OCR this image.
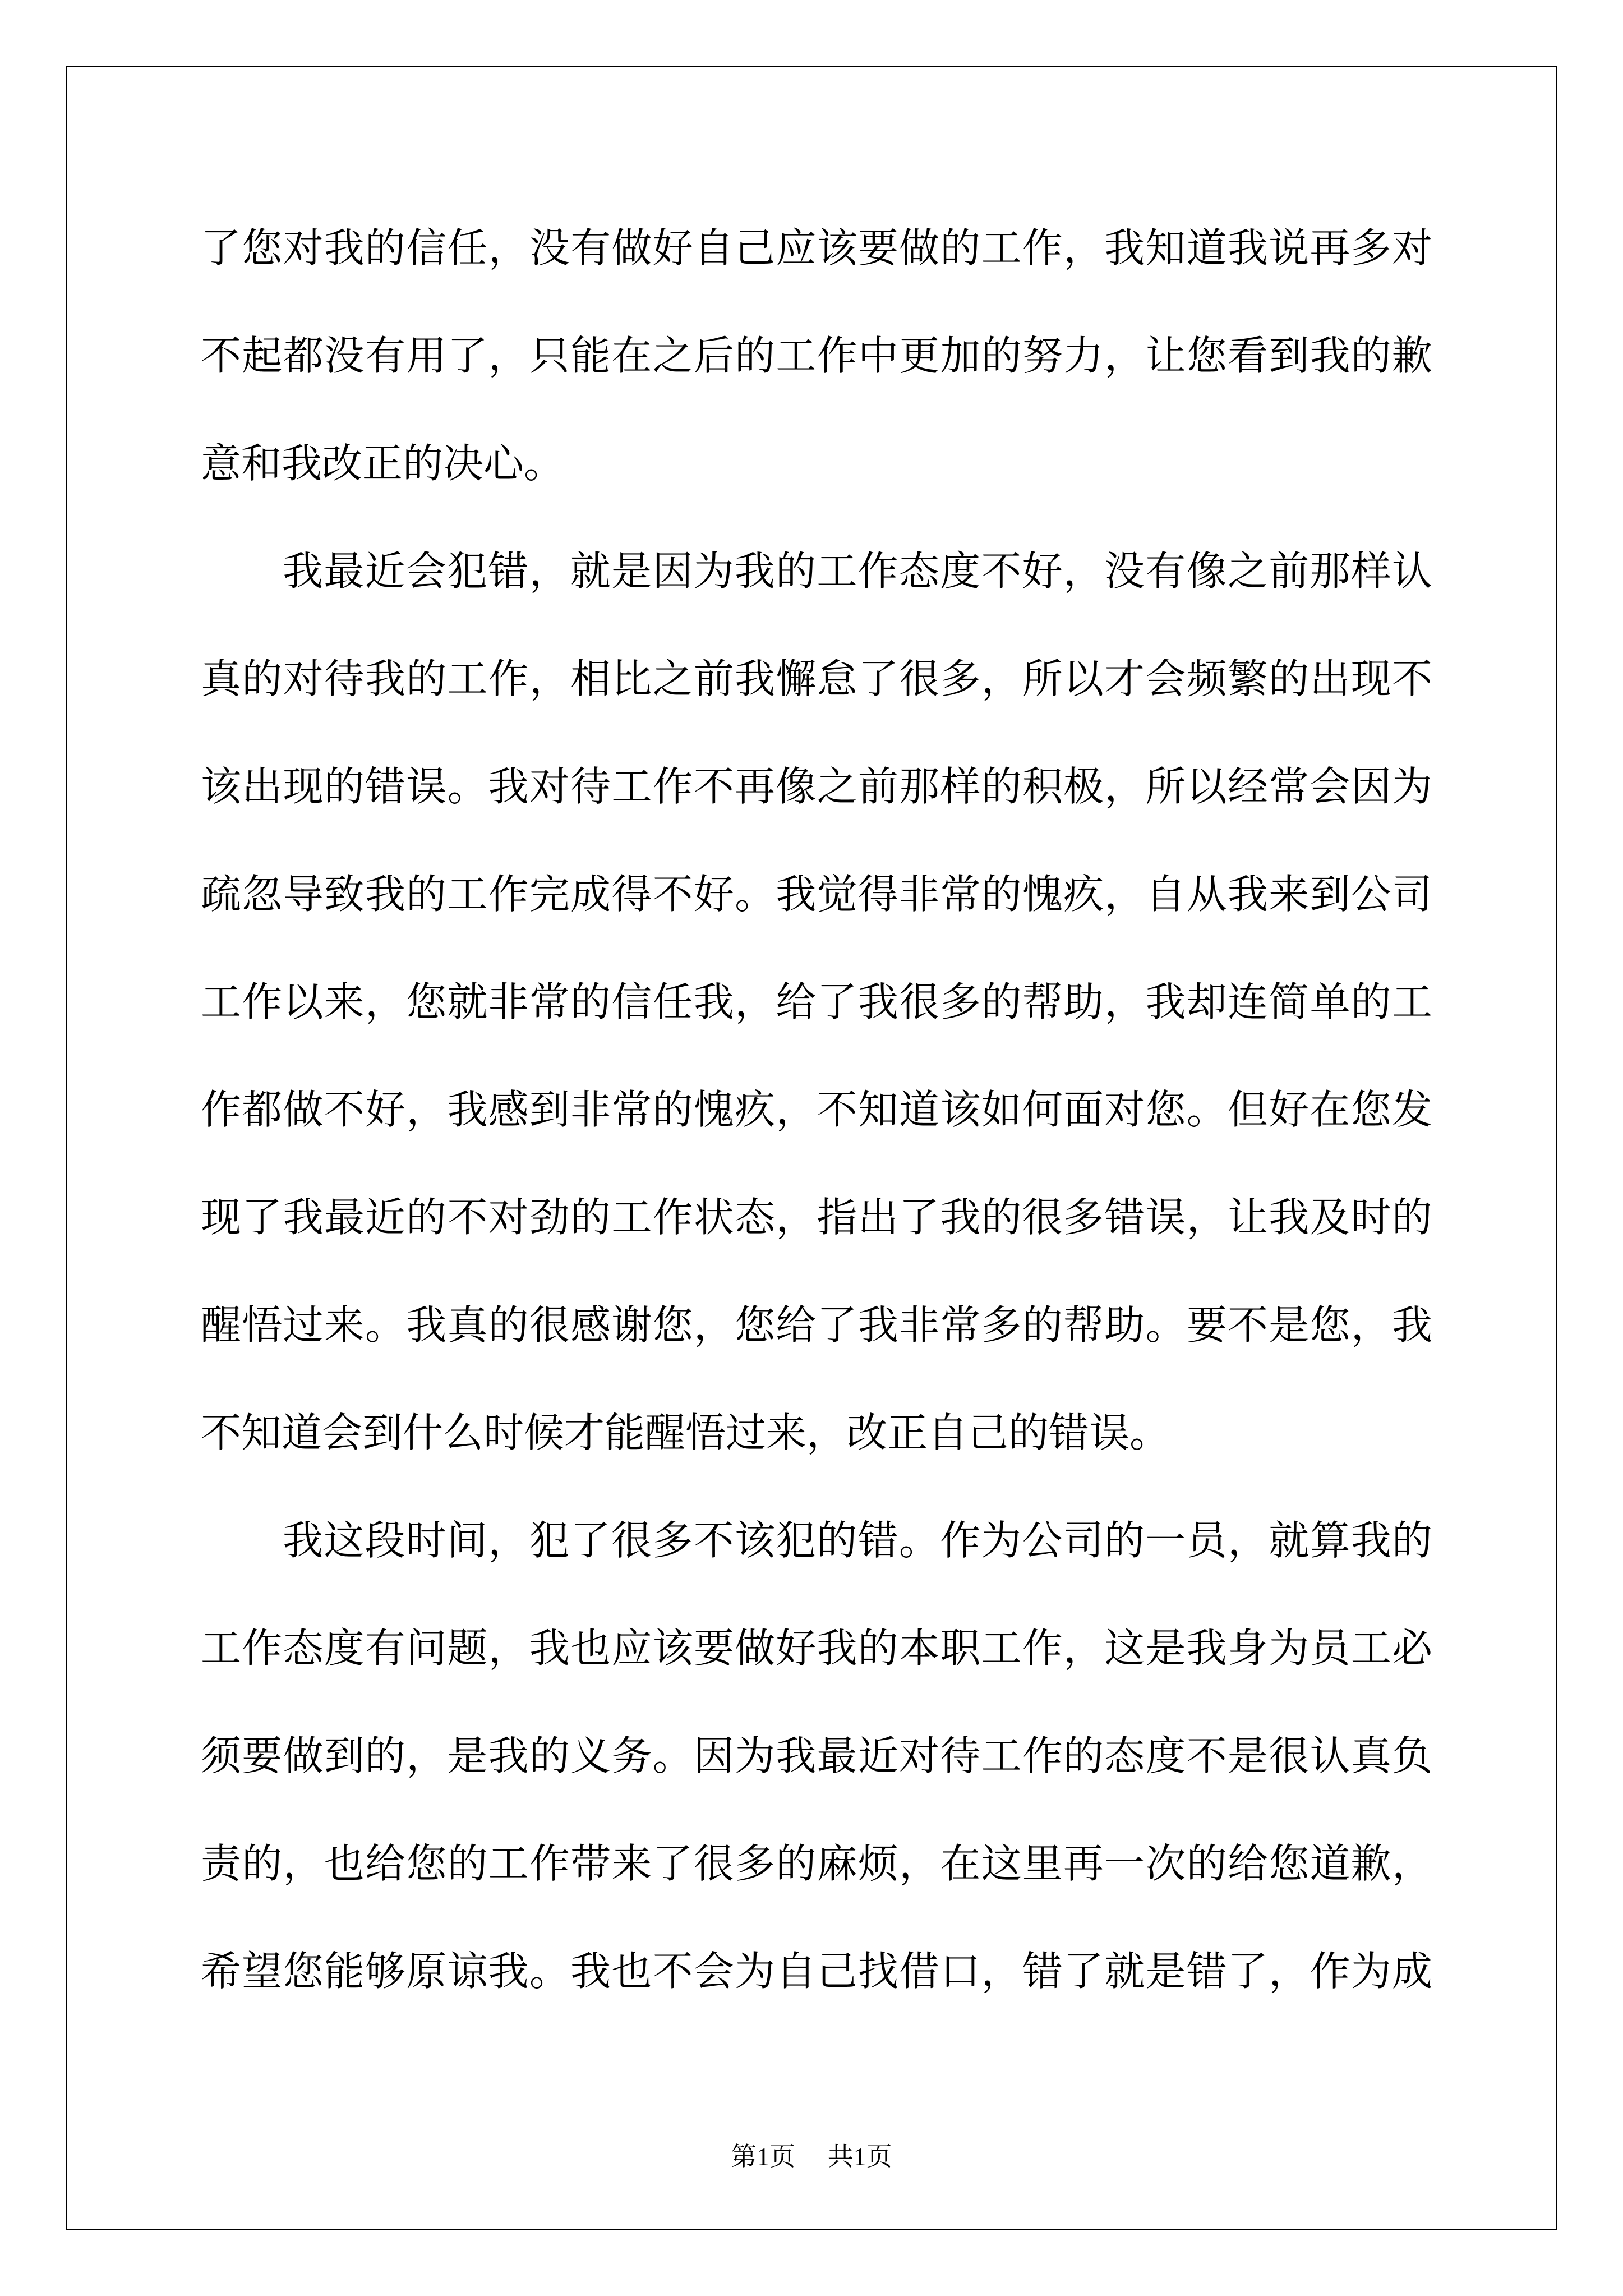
了您对我的信任，没有做好自己应该要做的工作，我知道我说再多对
不起都没有用了，只能在之后的工作中更加的努力，让您看到我的歉
意和我改正的决心。
我最近会犯错，就是因为我的工作态度不好，没有像之前那样认
真的对待我的工作，相比之前我懈怠了很多，所以才会频繁的出现不
该出现的错误。我对待工作不再像之前那样的积极，所以经常会因为
疏忽导致我的工作完成得不好。我觉得非常的愧疚，自从我来到公司
工作以来，您就非常的信任我，给了我很多的帮助，我却连简单的工
作都做不好，我感到非常的愧疚，不知道该如何面对您。但好在您发
现了我最近的不对劲的工作状态，指出了我的很多错误，让我及时的
醒悟过来。我真的很感谢您，您给了我非常多的帮助。要不是您，我
不知道会到什么时候才能醒悟过来，改正自己的错误。
我这段时间，犯了很多不该犯的错。作为公司的一员，就算我的
工作态度有问题，我也应该要做好我的本职工作，这是我身为员工必
须要做到的，是我的义务。因为我最近对待工作的态度不是很认真负
责的，也给您的工作带来了很多的麻烦，在这里再一次的给您道歉，
希望您能够原谅我。我也不会为自己找借口，错了就是错了，作为成
第1页 共1页
